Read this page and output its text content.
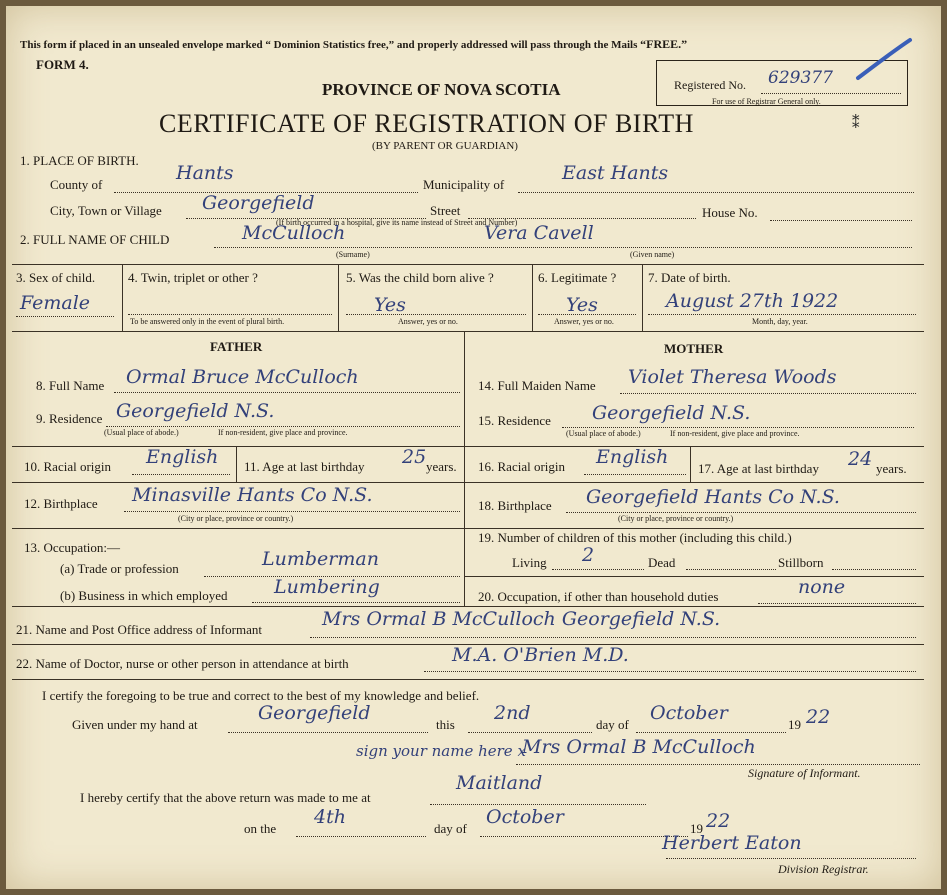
This form if placed in an unsealed envelope marked “ Dominion Statistics free,” and properly addressed will pass through the Mails “FREE.”
FORM 4.
Registered No. 629377
For use of Registrar General only.
⁑
PROVINCE OF NOVA SCOTIA
CERTIFICATE OF REGISTRATION OF BIRTH
(BY PARENT OR GUARDIAN)
1. PLACE OF BIRTH.
County of
Hants
Municipality of
East Hants
City, Town or Village Georgefield	Street
(If birth occurred in a hospital, give its name instead of Street and Number)
House No.
2. FULL NAME OF CHILD	McCulloch	Vera Cavell
(Surname)	(Given name)
3. Sex of child.
Female
4. Twin, triplet or other ?
To be answered only in the event of plural birth.
5. Was the child born alive ?
Yes
Answer, yes or no.
6. Legitimate ?
Yes
Answer, yes or no.
7. Date of birth.
August 27th 1922
Month, day, year.
FATHER	MOTHER
8. Full Name Ormal Bruce McCulloch
9. Residence Georgefield N.S.
(Usual place of abode.)	If non-resident, give place and province.
10. Racial origin English 11. Age at last birthday 25 years.
12. Birthplace Minasville Hants Co N.S.
(City or place, province or country.)
13. Occupation:—
(a) Trade or profession	Lumberman
(b) Business in which employed Lumbering
14. Full Maiden Name Violet Theresa Woods
15. Residence Georgefield N.S.
(Usual place of abode.)	If non-resident, give place and province.
16. Racial origin English
17. Age at last birthday 24 years.
18. Birthplace Georgefield Hants Co N.S.
(City or place, province or country.)
19. Number of children of this mother (including this child.)
Living 2	Dead	Stillborn
20. Occupation, if other than household duties	none
21. Name and Post Office address of Informant	Mrs Ormal B McCulloch Georgefield N.S.
22. Name of Doctor, nurse or other person in attendance at birth	M.A. O'Brien M.D.
I certify the foregoing to be true and correct to the best of my knowledge and belief.
Given under my hand at
Georgefield
this
2nd
day of
October
19 22
sign your name here x
Mrs Ormal B McCulloch
Signature of Informant.
I hereby certify that the above return was made to me at
Maitland
on the
4th
day of
October
19 22
Herbert Eaton
Division Registrar.
